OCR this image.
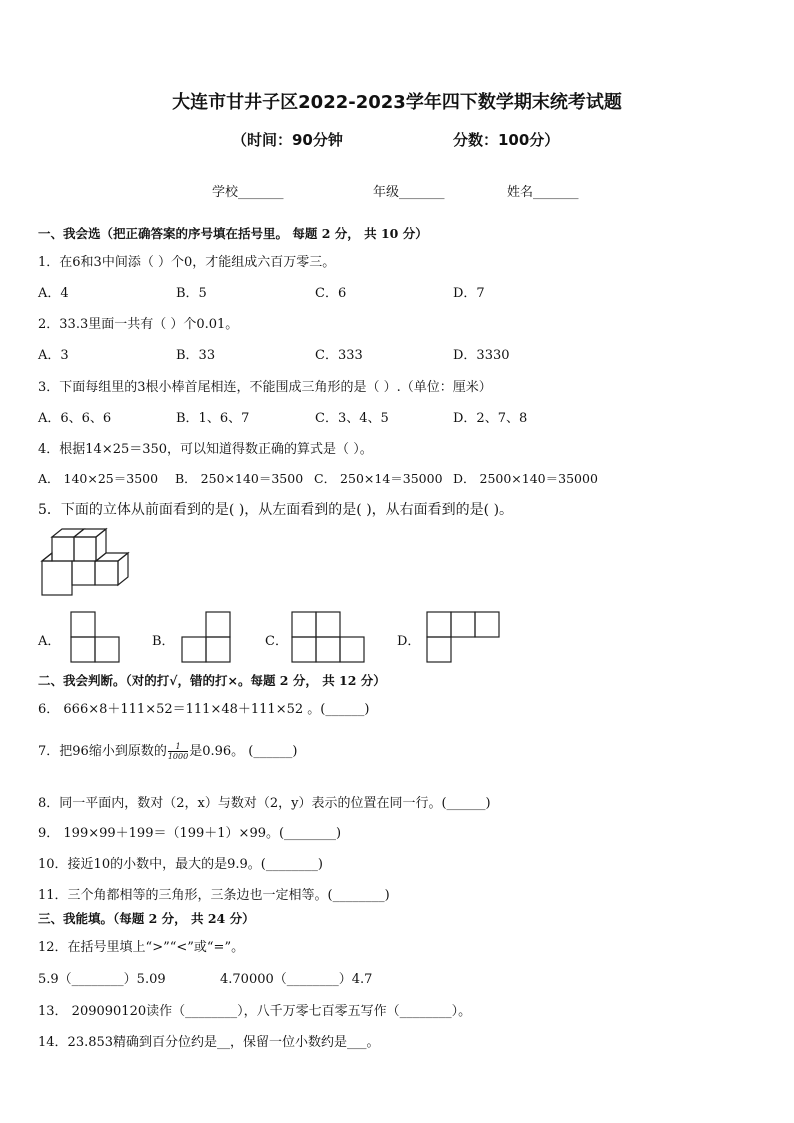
大连市甘井子区2022-2023学年四下数学期末统考试题
（时间：90分钟	分数：100分）
学校_______	年级_______	姓名_______
一、我会选（把正确答案的序号填在括号里。 每题 2 分， 共 10 分）
1．在6和3中间添（ ）个0，才能组成六百万零三。
A．4	B．5	C．6	D．7
2．33.3里面一共有（ ）个0.01。
A．3	B．33	C．333	D．3330
3．下面每组里的3根小棒首尾相连，不能围成三角形的是（ ）.（单位：厘米）
A．6、6、6	B．1、6、7	C．3、4、5	D．2、7、8
4．根据14×25＝350，可以知道得数正确的算式是（ ）。
A． 140×25＝3500 B． 250×140＝3500 C． 250×14＝35000 D． 2500×140＝35000
5．下面的立体从前面看到的是( )，从左面看到的是( )，从右面看到的是( )。
A．	B．	C．	D．
二、我会判断。（对的打√，错的打×。每题 2 分， 共 12 分）
6． 666×8＋111×52＝111×48＋111×52 。(______)
7．把96缩小到原数的 $\frac{1}{1000}$ 是0.96。 (______)
8．同一平面内，数对（2，x）与数对（2，y）表示的位置在同一行。(______)
9． 199×99＋199＝（199＋1）×99。(________)
10．接近10的小数中，最大的是9.9。(________)
11．三个角都相等的三角形，三条边也一定相等。(________)
三、我能填。（每题 2 分， 共 24 分）
12．在括号里填上“>”“<”或“=”。
5.9（________）5.09	4.70000（________）4.7
13． 209090120读作（________），八千万零七百零五写作（________）。
14．23.853精确到百分位约是__，保留一位小数约是___。
